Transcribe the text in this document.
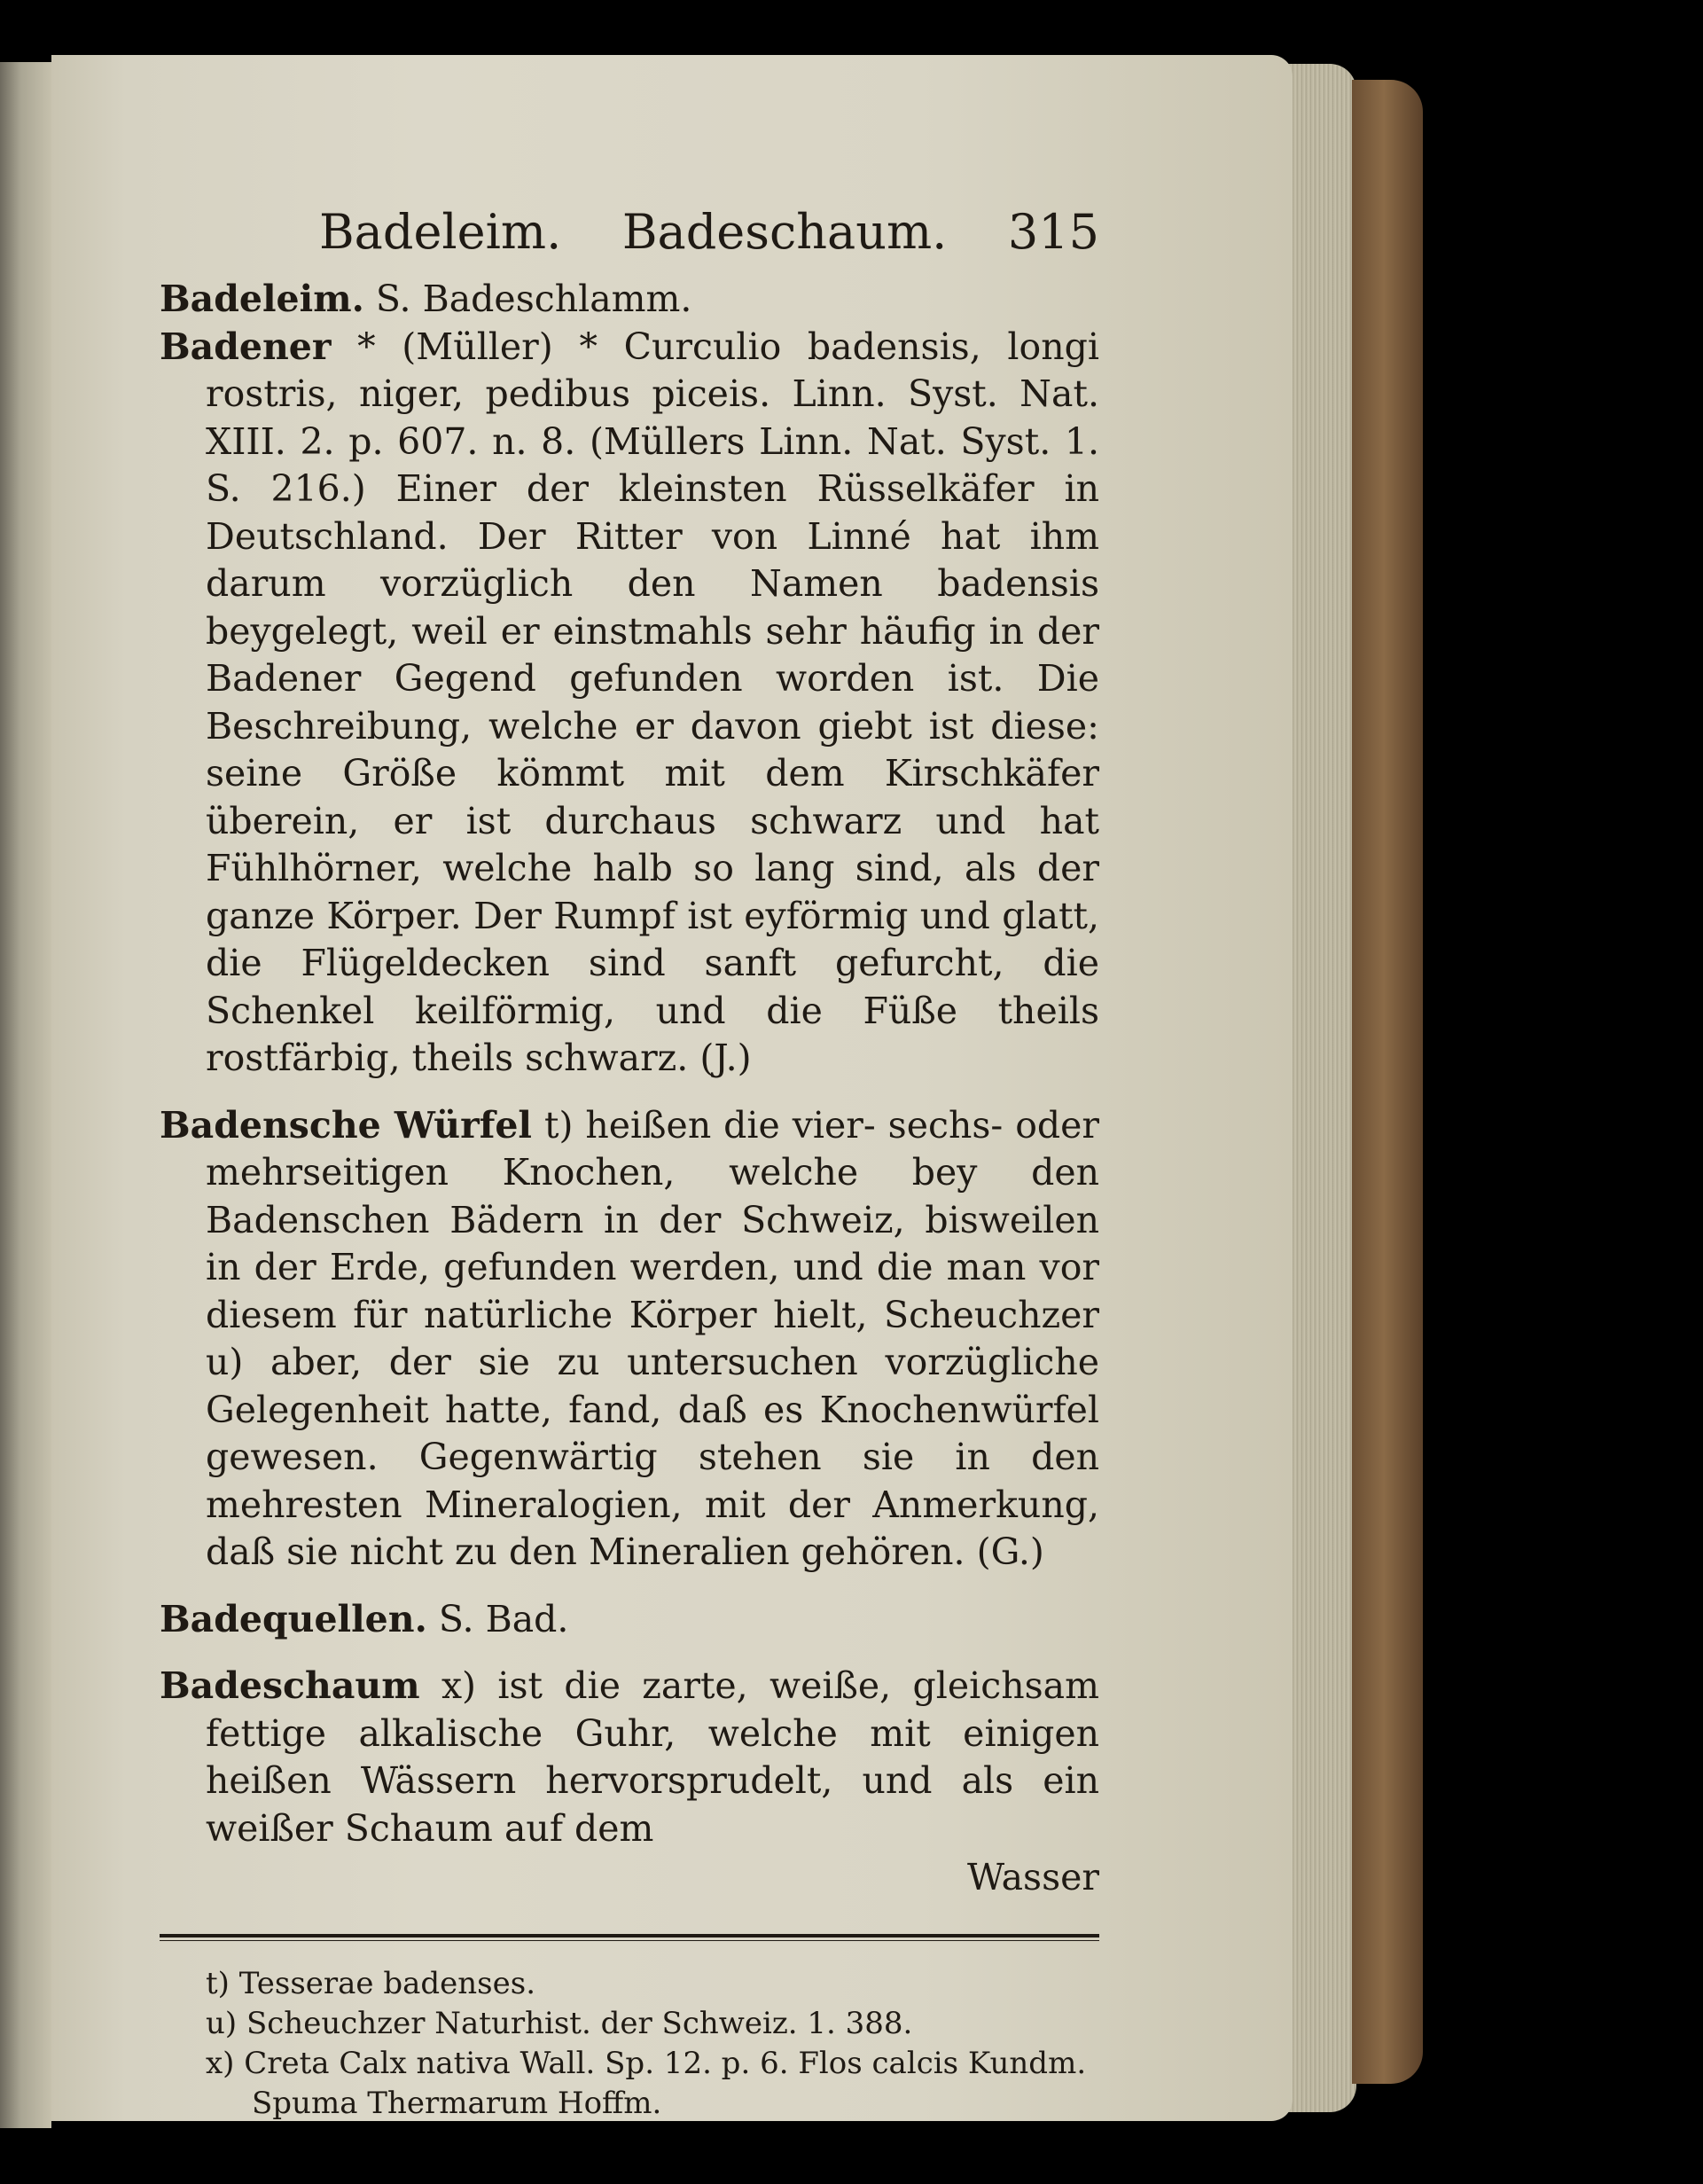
Badeleim. Badeschaum. 315

Badeleim. S. Badeschlamm.

Badener * (Müller) * Curculio badensis, longi rostris, niger, pedibus piceis. Linn. Syst. Nat. XIII. 2. p. 607. n. 8. (Müllers Linn. Nat. Syst. 1. S. 216.) Einer der kleinsten Rüsselkäfer in Deutschland. Der Ritter von Linné hat ihm darum vorzüglich den Namen badensis beygelegt, weil er einstmahls sehr häufig in der Badener Gegend gefunden worden ist. Die Beschreibung, welche er davon giebt ist diese: seine Größe kömmt mit dem Kirschkäfer überein, er ist durchaus schwarz und hat Fühlhörner, welche halb so lang sind, als der ganze Körper. Der Rumpf ist eyförmig und glatt, die Flügeldecken sind sanft gefurcht, die Schenkel keilförmig, und die Füße theils rostfärbig, theils schwarz. (J.)

Badensche Würfel t) heißen die vier- sechs- oder mehrseitigen Knochen, welche bey den Badenschen Bädern in der Schweiz, bisweilen in der Erde, gefunden werden, und die man vor diesem für natürliche Körper hielt, Scheuchzer u) aber, der sie zu untersuchen vorzügliche Gelegenheit hatte, fand, daß es Knochenwürfel gewesen. Gegenwärtig stehen sie in den mehresten Mineralogien, mit der Anmerkung, daß sie nicht zu den Mineralien gehören. (G.)

Badequellen. S. Bad.

Badeschaum x) ist die zarte, weiße, gleichsam fettige alkalische Guhr, welche mit einigen heißen Wässern hervorsprudelt, und als ein weißer Schaum auf dem

Wasser

t) Tesserae badenses.

u) Scheuchzer Naturhist. der Schweiz. 1. 388.

x) Creta Calx nativa Wall. Sp. 12. p. 6. Flos calcis Kundm. Spuma Thermarum Hoffm.
